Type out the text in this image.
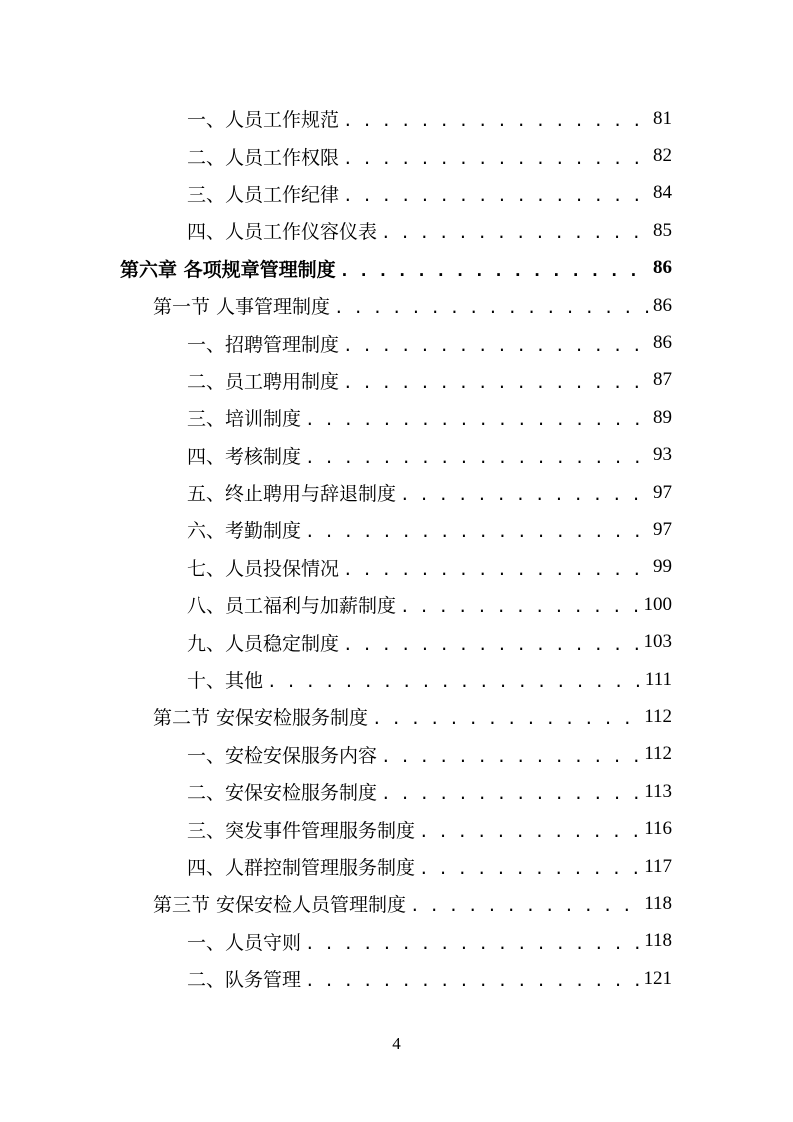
一、人员工作规范 . . .	81
二、人员工作权限 . . .	82
三、人员工作纪律 . . .	84
四、人员工作仪容仪表 . . .	85
第六章 各项规章管理制度 . . .	86
第一节 人事管理制度 . . .	86
一、招聘管理制度 . . .	86
二、员工聘用制度 . . .	87
三、培训制度 . . .	89
四、考核制度 . . .	93
五、终止聘用与辞退制度 . . .	97
六、考勤制度 . . .	97
七、人员投保情况 . . .	99
八、员工福利与加薪制度 . . .	100
九、人员稳定制度 . . .	103
十、其他 . . .	111
第二节 安保安检服务制度 . . .	112
一、安检安保服务内容 . . .	112
二、安保安检服务制度 . . .	113
三、突发事件管理服务制度 . . .	116
四、人群控制管理服务制度 . . .	117
第三节 安保安检人员管理制度 . . .	118
一、人员守则 . . .	118
二、队务管理 . . .	121
4
